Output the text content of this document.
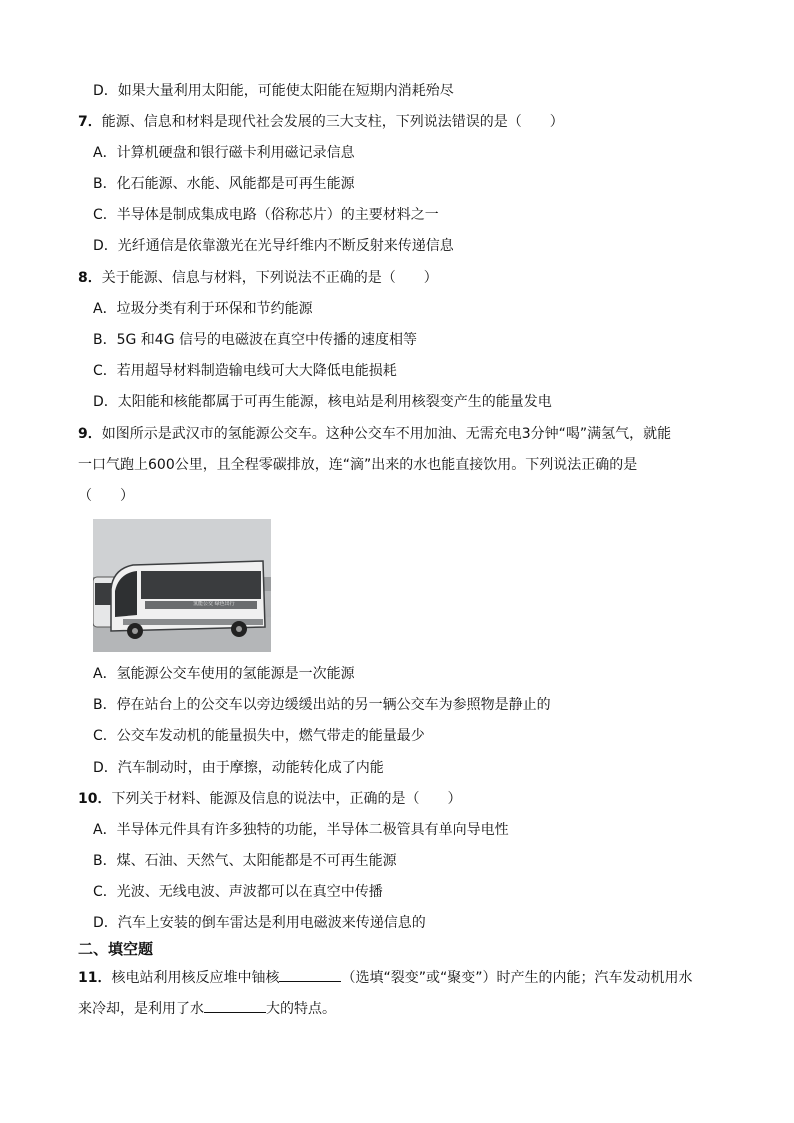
D．如果大量利用太阳能，可能使太阳能在短期内消耗殆尽
7．能源、信息和材料是现代社会发展的三大支柱，下列说法错误的是（　　）
A．计算机硬盘和银行磁卡利用磁记录信息
B．化石能源、水能、风能都是可再生能源
C．半导体是制成集成电路（俗称芯片）的主要材料之一
D．光纤通信是依靠激光在光导纤维内不断反射来传递信息
8．关于能源、信息与材料，下列说法不正确的是（　　）
A．垃圾分类有利于环保和节约能源
B．5G 和4G 信号的电磁波在真空中传播的速度相等
C．若用超导材料制造输电线可大大降低电能损耗
D．太阳能和核能都属于可再生能源，核电站是利用核裂变产生的能量发电
9．如图所示是武汉市的氢能源公交车。这种公交车不用加油、无需充电3分钟“喝”满氢气，就能
一口气跑上600公里，且全程零碳排放，连“滴”出来的水也能直接饮用。下列说法正确的是
（　　）
氢能公交 绿色出行
A．氢能源公交车使用的氢能源是一次能源
B．停在站台上的公交车以旁边缓缓出站的另一辆公交车为参照物是静止的
C．公交车发动机的能量损失中，燃气带走的能量最少
D．汽车制动时，由于摩擦，动能转化成了内能
10．下列关于材料、能源及信息的说法中，正确的是（　　）
A．半导体元件具有许多独特的功能，半导体二极管具有单向导电性
B．煤、石油、天然气、太阳能都是不可再生能源
C．光波、无线电波、声波都可以在真空中传播
D．汽车上安装的倒车雷达是利用电磁波来传递信息的
二、填空题
11．核电站利用核反应堆中铀核	（选填“裂变”或“聚变”）时产生的内能；汽车发动机用水
来冷却，是利用了水	大的特点。
